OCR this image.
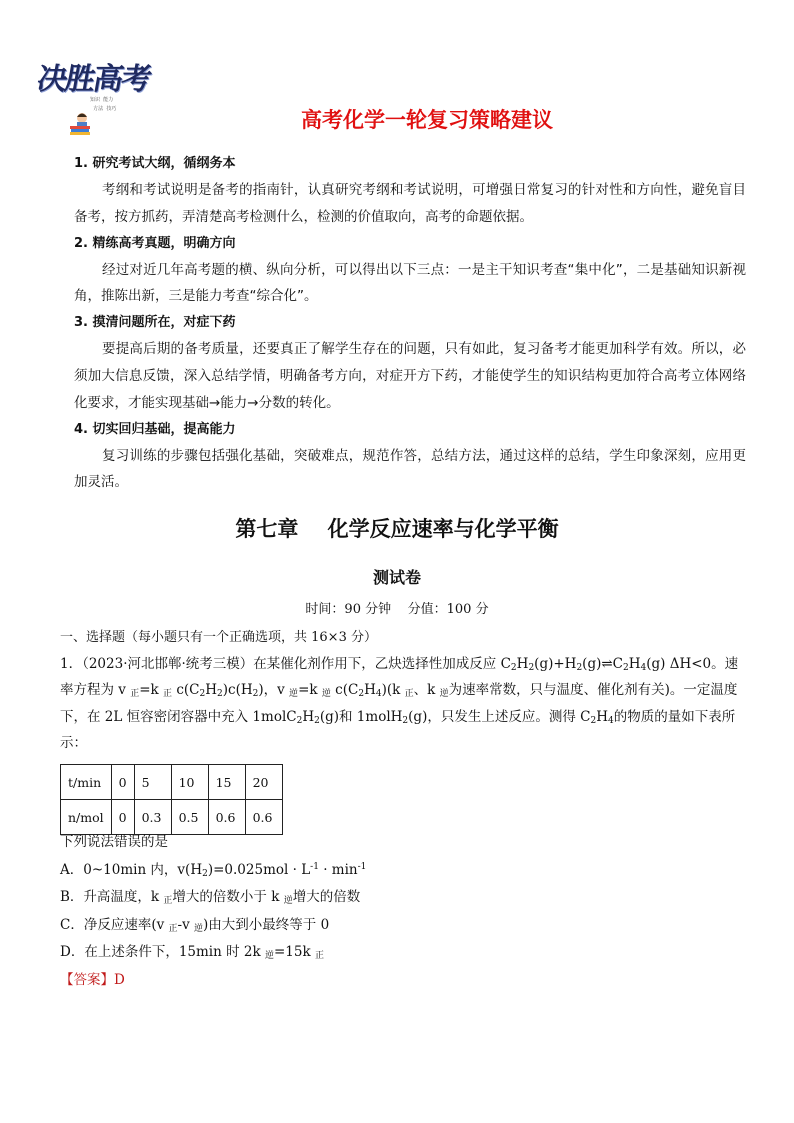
决胜高考
知识  能力
方法  技巧	高考化学一轮复习策略建议
1. 研究考试大纲，循纲务本

考纲和考试说明是备考的指南针，认真研究考纲和考试说明，可增强日常复习的针对性和方向性，避免盲目备考，按方抓药，弄清楚高考检测什么，检测的价值取向，高考的命题依据。

2. 精练高考真题，明确方向

经过对近几年高考题的横、纵向分析，可以得出以下三点：一是主干知识考查“集中化”，二是基础知识新视角，推陈出新，三是能力考查“综合化”。

3. 摸清问题所在，对症下药

要提高后期的备考质量，还要真正了解学生存在的问题，只有如此，复习备考才能更加科学有效。所以，必须加大信息反馈，深入总结学情，明确备考方向，对症开方下药，才能使学生的知识结构更加符合高考立体网络化要求，才能实现基础→能力→分数的转化。

4. 切实回归基础，提高能力

复习训练的步骤包括强化基础，突破难点，规范作答，总结方法，通过这样的总结，学生印象深刻，应用更加灵活。

第七章    化学反应速率与化学平衡
测试卷
时间：90 分钟    分值：100 分
一、选择题（每小题只有一个正确选项，共 16×3 分）

1．（2023·河北邯郸·统考三模）在某催化剂作用下，乙炔选择性加成反应 $C_2H_2(g)+H_2(g)\rightleftharpoons C_2H_4(g)$ ΔH<0。速率方程为 v $_正$=k $_正$ $c(C_2H_2)c(H_2)$，v $_逆$=k $_逆$ $c(C_2H_4)(k$ $_正$、k $_逆$为速率常数，只与温度、催化剂有关)。一定温度下，在 2L 恒容密闭容器中充入 $1molC_2H_2(g)$和 1molH$_2$(g)，只发生上述反应。测得 $C_2H_4$的物质的量如下表所示：

t/min	0	5	10	15	20
n/mol	0	0.3	0.5	0.6	0.6
下列说法错误的是
A．0~10min 内，$v(H_2)=0.025mol \cdot L^{-1} \cdot \min^{-1}$
B．升高温度，k $_正$增大的倍数小于 k $_逆$增大的倍数
C．净反应速率(v $_正$-v $_逆$)由大到小最终等于 0
D．在上述条件下，15min 时 2k $_逆$=15k $_正$
【答案】D
